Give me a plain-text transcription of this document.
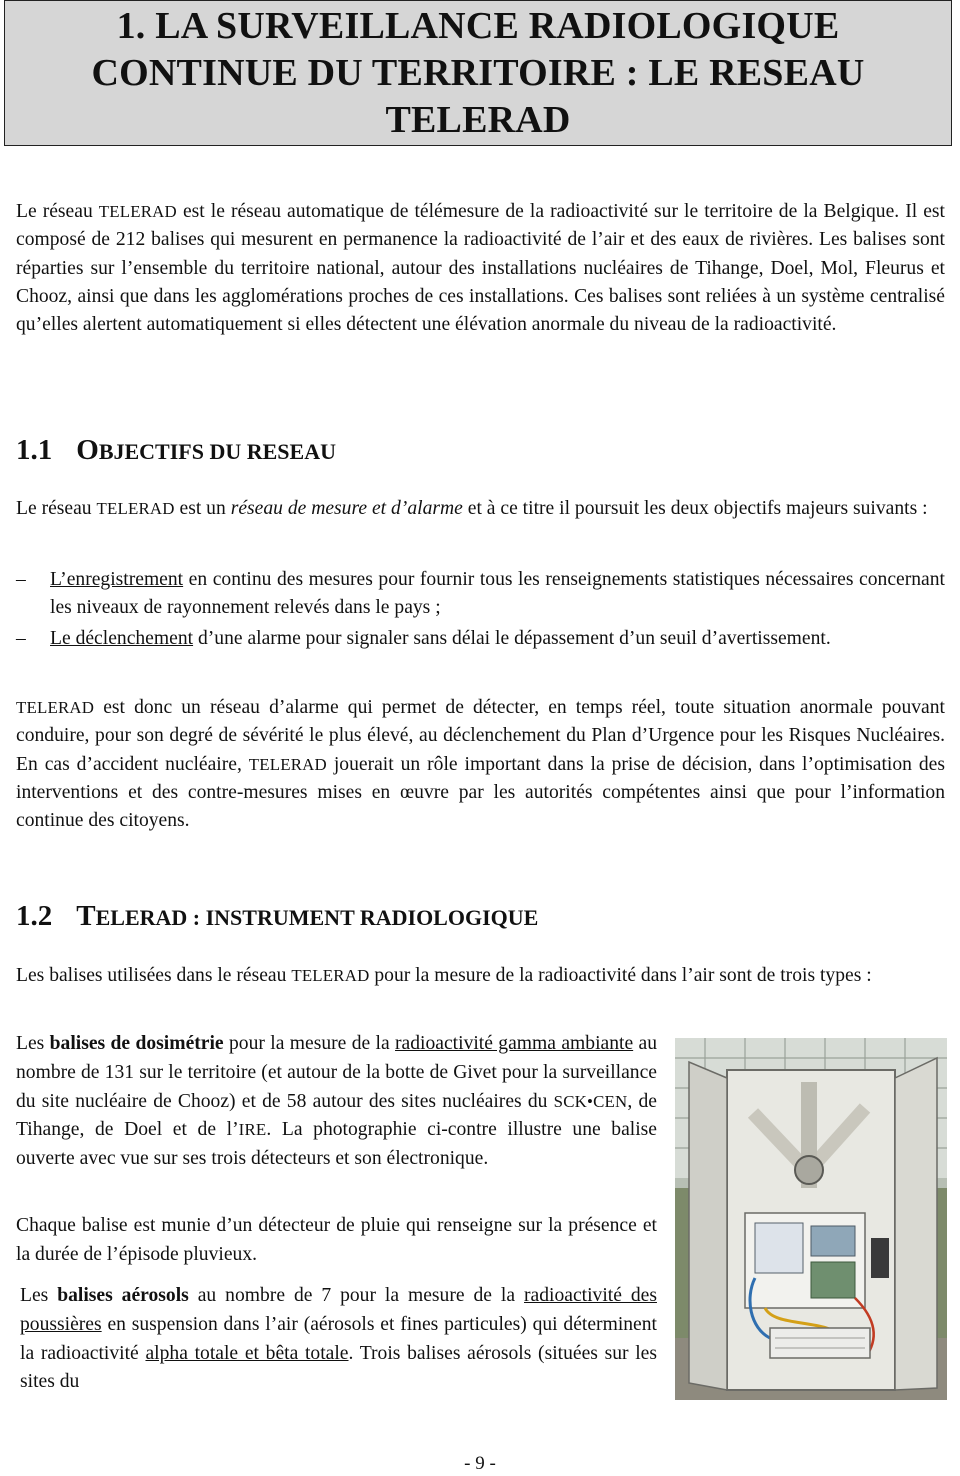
1. LA SURVEILLANCE RADIOLOGIQUE
CONTINUE DU TERRITOIRE : LE RESEAU
TELERAD

Le réseau TELERAD est le réseau automatique de télémesure de la radioactivité sur le territoire de la Belgique. Il est composé de 212 balises qui mesurent en permanence la radioactivité de l’air et des eaux de rivières. Les balises sont réparties sur l’ensemble du territoire national, autour des installations nucléaires de Tihange, Doel, Mol, Fleurus et Chooz, ainsi que dans les agglomérations proches de ces installations. Ces balises sont reliées à un système centralisé qu’elles alertent automatiquement si elles détectent une élévation anormale du niveau de la radioactivité.

1.1 OBJECTIFS DU RESEAU

Le réseau TELERAD est un réseau de mesure et d’alarme et à ce titre il poursuit les deux objectifs majeurs suivants :

– L’enregistrement en continu des mesures pour fournir tous les renseignements statistiques nécessaires concernant les niveaux de rayonnement relevés dans le pays ;
– Le déclenchement d’une alarme pour signaler sans délai le dépassement d’un seuil d’avertissement.

TELERAD est donc un réseau d’alarme qui permet de détecter, en temps réel, toute situation anormale pouvant conduire, pour son degré de sévérité le plus élevé, au déclenchement du Plan d’Urgence pour les Risques Nucléaires. En cas d’accident nucléaire, TELERAD jouerait un rôle important dans la prise de décision, dans l’optimisation des interventions et des contre-mesures mises en œuvre par les autorités compétentes ainsi que pour l’information continue des citoyens.

1.2 TELERAD : INSTRUMENT RADIOLOGIQUE

Les balises utilisées dans le réseau TELERAD pour la mesure de la radioactivité dans l’air sont de trois types :

Les balises de dosimétrie pour la mesure de la radioactivité gamma ambiante au nombre de 131 sur le territoire (et autour de la botte de Givet pour la surveillance du site nucléaire de Chooz) et de 58 autour des sites nucléaires du SCK•CEN, de Tihange, de Doel et de l’IRE. La photographie ci-contre illustre une balise ouverte avec vue sur ses trois détecteurs et son électronique.

Chaque balise est munie d’un détecteur de pluie qui renseigne sur la présence et la durée de l’épisode pluvieux.

Les balises aérosols au nombre de 7 pour la mesure de la radioactivité des poussières en suspension dans l’air (aérosols et fines particules) qui déterminent la radioactivité alpha totale et bêta totale. Trois balises aérosols (situées sur les sites du

- 9 -
